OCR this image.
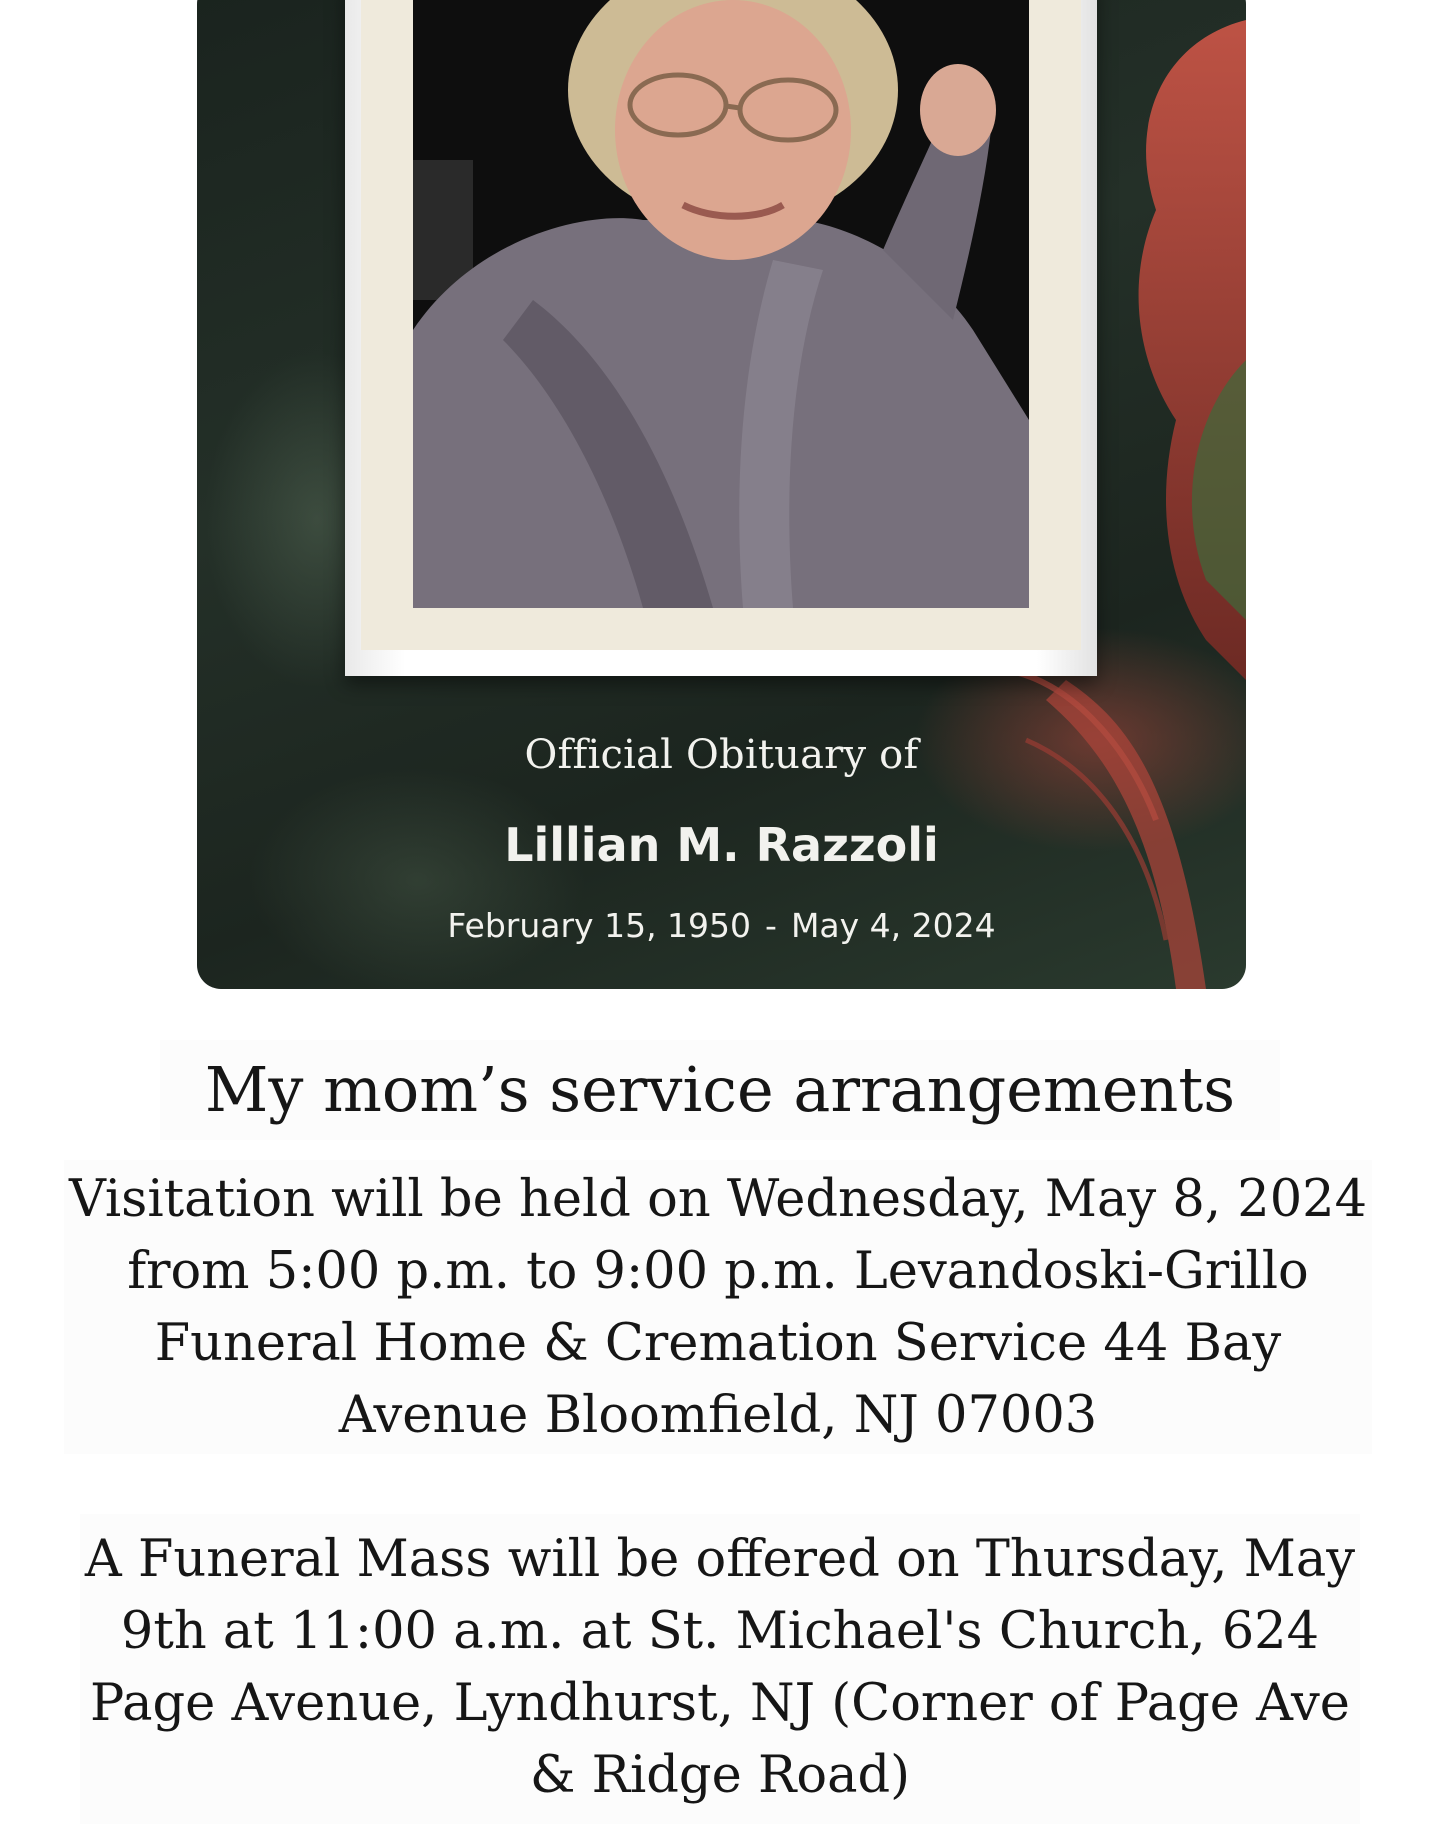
Official Obituary of
Lillian M. Razzoli
February 15, 1950 - May 4, 2024
My mom’s service arrangements

Visitation will be held on Wednesday, May 8, 2024 from 5:00 p.m. to 9:00 p.m. Levandoski-Grillo Funeral Home & Cremation Service 44 Bay Avenue Bloomfield, NJ 07003

A Funeral Mass will be offered on Thursday, May 9th at 11:00 a.m. at St. Michael's Church, 624 Page Avenue, Lyndhurst, NJ (Corner of Page Ave & Ridge Road)
